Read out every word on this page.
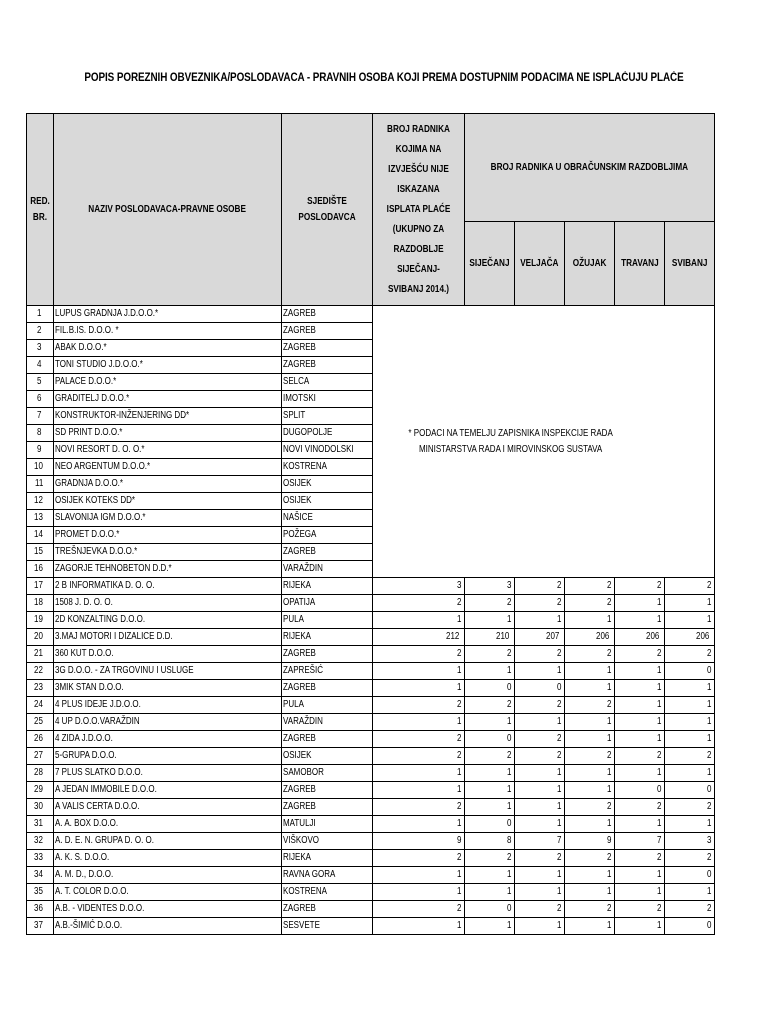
POPIS POREZNIH OBVEZNIKA/POSLODAVACA - PRAVNIH OSOBA KOJI PREMA DOSTUPNIM PODACIMA NE ISPLAĆUJU PLAĆE
RED. BR.	NAZIV POSLODAVACA-PRAVNE OSOBE	SJEDIŠTE POSLODAVCA	BROJ RADNIKA KOJIMA NA IZVJEŠĆU NIJE ISKAZANA ISPLATA PLAĆE (UKUPNO ZA RAZDOBLJE SIJEČANJ-SVIBANJ 2014.)	BROJ RADNIKA U OBRAČUNSKIM RAZDOBLJIMA				
				SIJEČANJ	VELJAČA	OŽUJAK	TRAVANJ	SVIBANJ
1	LUPUS GRADNJA J.D.O.O.*	ZAGREB	* PODACI NA TEMELJU ZAPISNIKA INSPEKCIJE RADA MINISTARSTVA RADA I MIROVINSKOG SUSTAVA					
2	FIL.B.IS. D.O.O. *	ZAGREB						
3	ABAK D.O.O.*	ZAGREB						
4	TONI STUDIO J.D.O.O.*	ZAGREB						
5	PALACE D.O.O.*	SELCA						
6	GRADITELJ D.O.O.*	IMOTSKI						
7	KONSTRUKTOR-INŽENJERING DD*	SPLIT						
8	SD PRINT D.O.O.*	DUGOPOLJE						
9	NOVI RESORT D. O. O.*	NOVI VINODOLSKI						
10	NEO ARGENTUM D.O.O.*	KOSTRENA						
11	GRADNJA D.O.O.*	OSIJEK						
12	OSIJEK KOTEKS DD*	OSIJEK						
13	SLAVONIJA IGM D.O.O.*	NAŠICE						
14	PROMET D.O.O.*	POŽEGA						
15	TREŠNJEVKA D.O.O.*	ZAGREB						
16	ZAGORJE TEHNOBETON D.D.*	VARAŽDIN						
17	2 B INFORMATIKA D. O. O.	RIJEKA	3	3	2	2	2	2
18	1508 J. D. O. O.	OPATIJA	2	2	2	2	1	1
19	2D KONZALTING D.O.O.	PULA	1	1	1	1	1	1
20	3.MAJ MOTORI I DIZALICE D.D.	RIJEKA	212	210	207	206	206	206
21	360 KUT D.O.O.	ZAGREB	2	2	2	2	2	2
22	3G D.O.O. - ZA TRGOVINU I USLUGE	ZAPREŠIĆ	1	1	1	1	1	0
23	3MIK STAN D.O.O.	ZAGREB	1	0	0	1	1	1
24	4 PLUS IDEJE J.D.O.O.	PULA	2	2	2	2	1	1
25	4 UP D.O.O.VARAŽDIN	VARAŽDIN	1	1	1	1	1	1
26	4 ZIDA J.D.O.O.	ZAGREB	2	0	2	1	1	1
27	5-GRUPA D.O.O.	OSIJEK	2	2	2	2	2	2
28	7 PLUS SLATKO D.O.O.	SAMOBOR	1	1	1	1	1	1
29	A JEDAN IMMOBILE D.O.O.	ZAGREB	1	1	1	1	0	0
30	A VALIS CERTA D.O.O.	ZAGREB	2	1	1	2	2	2
31	A. A. BOX D.O.O.	MATULJI	1	0	1	1	1	1
32	A. D. E. N. GRUPA D. O. O.	VIŠKOVO	9	8	7	9	7	3
33	A. K. S. D.O.O.	RIJEKA	2	2	2	2	2	2
34	A. M. D., D.O.O.	RAVNA GORA	1	1	1	1	1	0
35	A. T. COLOR D.O.O.	KOSTRENA	1	1	1	1	1	1
36	A.B. - VIDENTES D.O.O.	ZAGREB	2	0	2	2	2	2
37	A.B.-ŠIMIĆ D.O.O.	SESVETE	1	1	1	1	1	0
